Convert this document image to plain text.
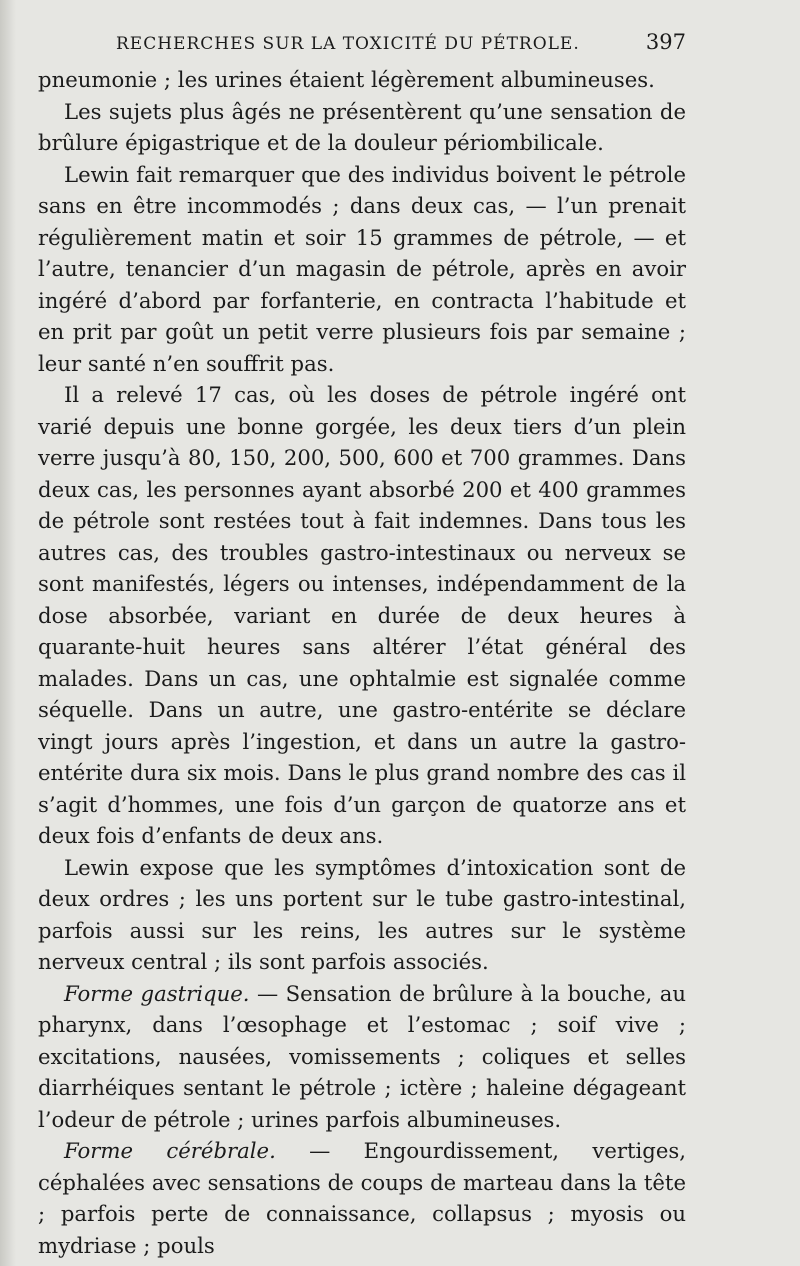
RECHERCHES SUR LA TOXICITÉ DU PÉTROLE.	397

pneumonie ; les urines étaient légèrement albumineuses.

Les sujets plus âgés ne présentèrent qu’une sensation de brûlure épigastrique et de la douleur périombilicale.

Lewin fait remarquer que des individus boivent le pétrole sans en être incommodés ; dans deux cas, — l’un prenait régulièrement matin et soir 15 grammes de pétrole, — et l’autre, tenancier d’un magasin de pétrole, après en avoir ingéré d’abord par forfanterie, en contracta l’habitude et en prit par goût un petit verre plusieurs fois par semaine ; leur santé n’en souffrit pas.

Il a relevé 17 cas, où les doses de pétrole ingéré ont varié depuis une bonne gorgée, les deux tiers d’un plein verre jusqu’à 80, 150, 200, 500, 600 et 700 grammes. Dans deux cas, les personnes ayant absorbé 200 et 400 grammes de pétrole sont restées tout à fait indemnes. Dans tous les autres cas, des troubles gastro-intestinaux ou nerveux se sont manifestés, légers ou intenses, indépendamment de la dose absorbée, variant en durée de deux heures à quarante-huit heures sans altérer l’état général des malades. Dans un cas, une ophtalmie est signalée comme séquelle. Dans un autre, une gastro-entérite se déclare vingt jours après l’ingestion, et dans un autre la gastro-entérite dura six mois. Dans le plus grand nombre des cas il s’agit d’hommes, une fois d’un garçon de quatorze ans et deux fois d’enfants de deux ans.

Lewin expose que les symptômes d’intoxication sont de deux ordres ; les uns portent sur le tube gastro-intestinal, parfois aussi sur les reins, les autres sur le système nerveux central ; ils sont parfois associés.

Forme gastrique. — Sensation de brûlure à la bouche, au pharynx, dans l’œsophage et l’estomac ; soif vive ; excitations, nausées, vomissements ; coliques et selles diarrhéiques sentant le pétrole ; ictère ; haleine dégageant l’odeur de pétrole ; urines parfois albumineuses.

Forme cérébrale. — Engourdissement, vertiges, céphalées avec sensations de coups de marteau dans la tête ; parfois perte de connaissance, collapsus ; myosis ou mydriase ; pouls
